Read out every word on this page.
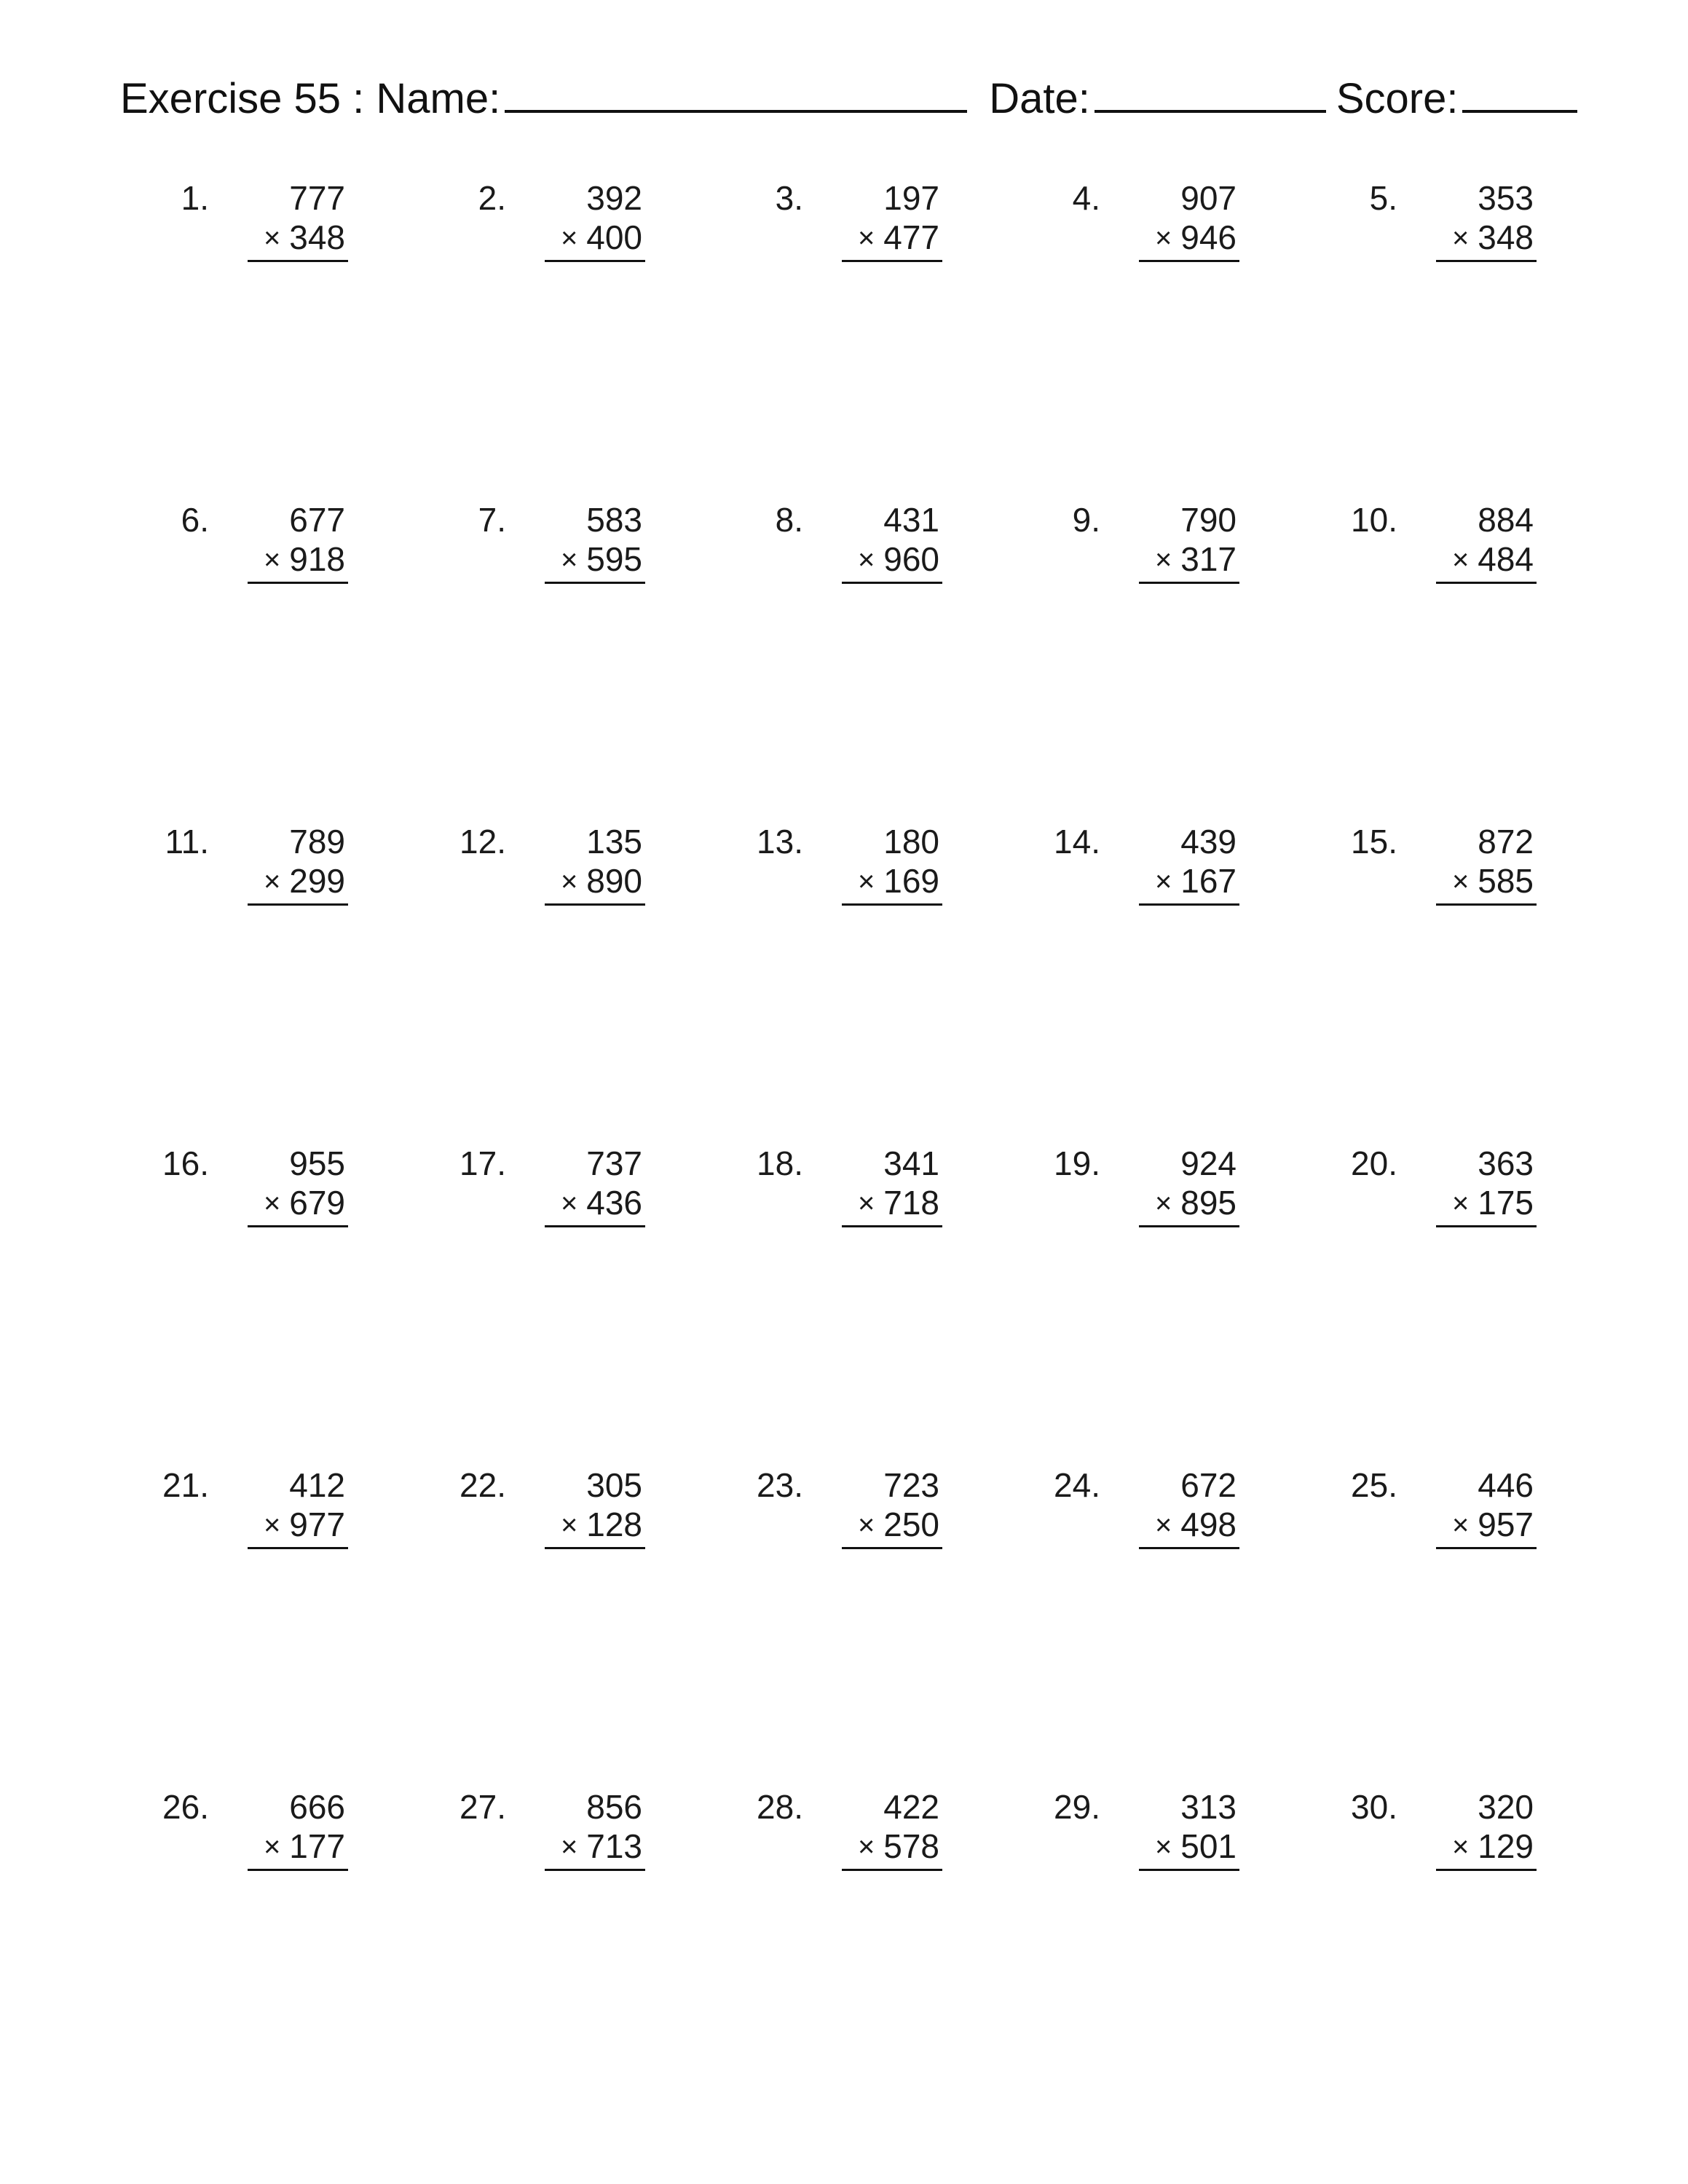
Exercise 55 : Name:	Date:	Score:
1.	777
× 348
2.	392
× 400
3.	197
× 477
4.	907
× 946
5.	353
× 348
6.	677
× 918
7.	583
× 595
8.	431
× 960
9.	790
× 317
10.	884
× 484
11.	789
× 299
12.	135
× 890
13.	180
× 169
14.	439
× 167
15.	872
× 585
16.	955
× 679
17.	737
× 436
18.	341
× 718
19.	924
× 895
20.	363
× 175
21.	412
× 977
22.	305
× 128
23.	723
× 250
24.	672
× 498
25.	446
× 957
26.	666
× 177
27.	856
× 713
28.	422
× 578
29.	313
× 501
30.	320
× 129
